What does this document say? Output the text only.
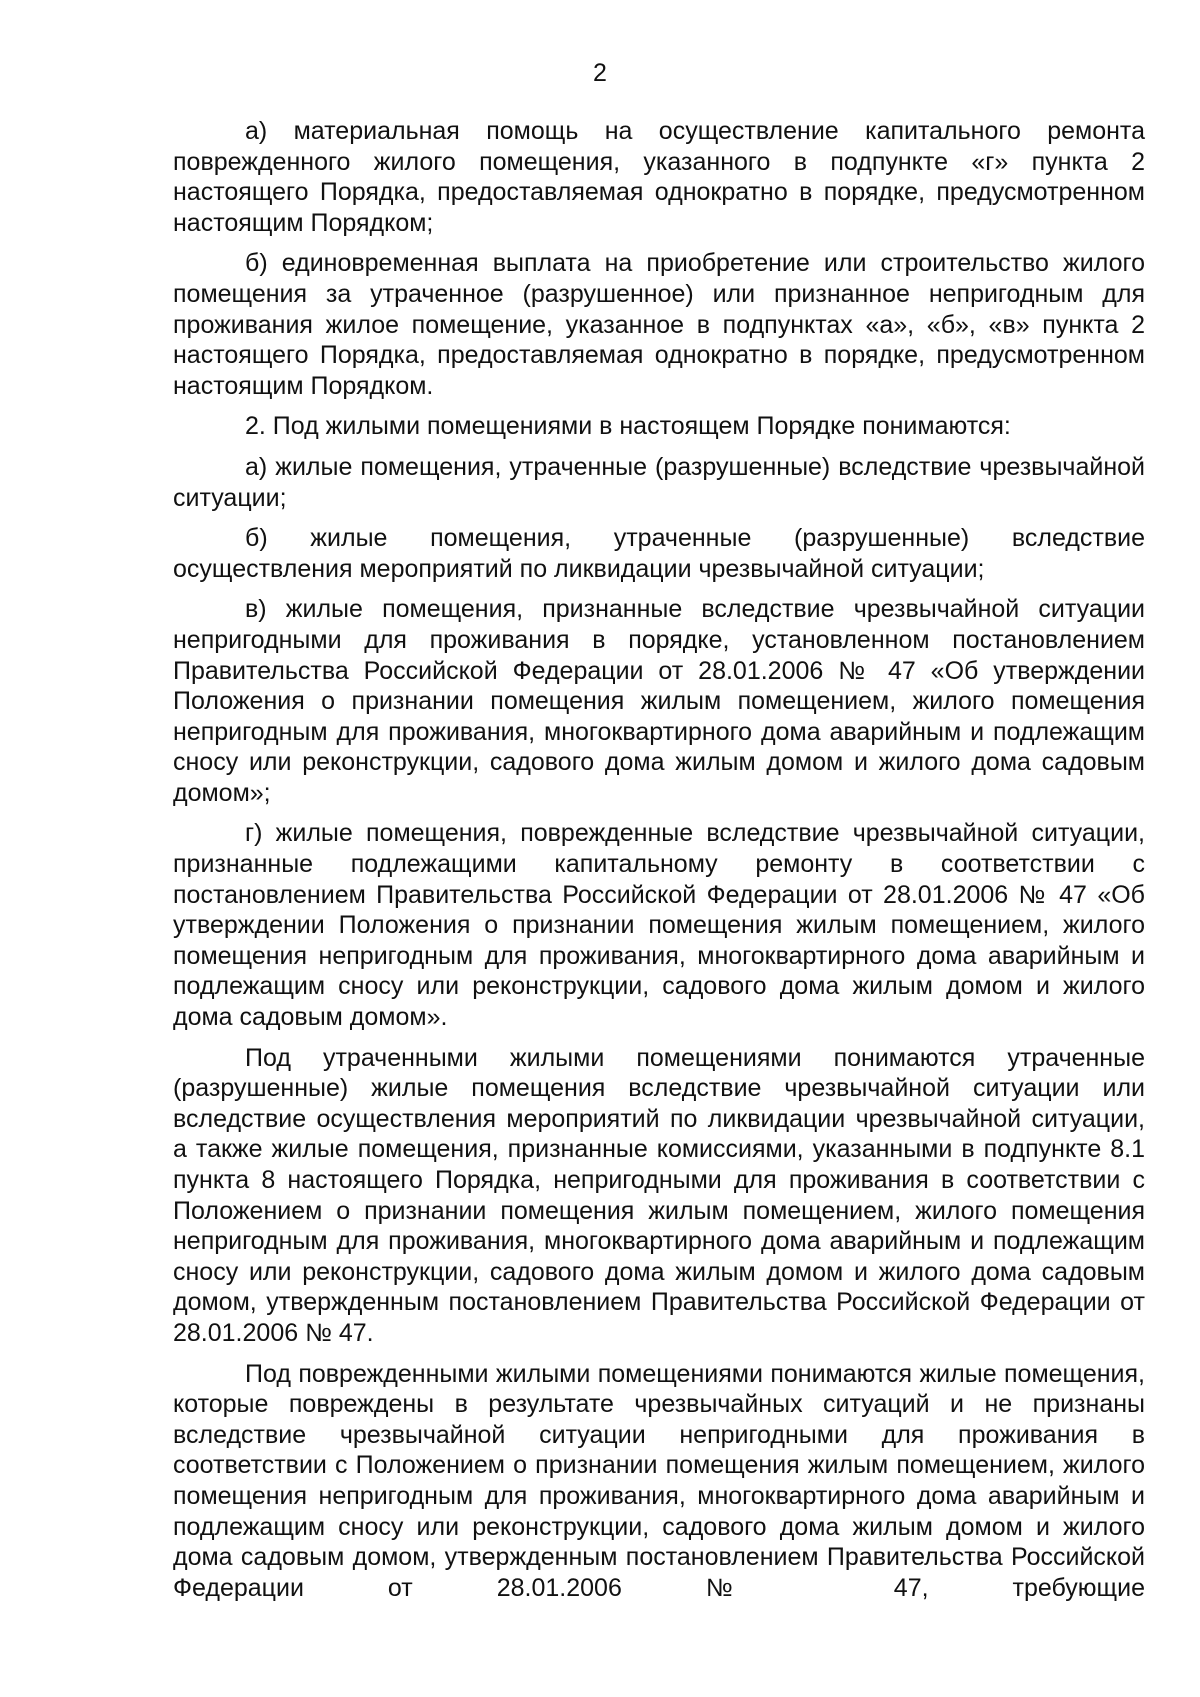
2

а) материальная помощь на осуществление капитального ремонта поврежденного жилого помещения, указанного в подпункте «г» пункта 2 настоящего Порядка, предоставляемая однократно в порядке, предусмотренном настоящим Порядком;

б) единовременная выплата на приобретение или строительство жилого помещения за утраченное (разрушенное) или признанное непригодным для проживания жилое помещение, указанное в подпунктах «а», «б», «в» пункта 2 настоящего Порядка, предоставляемая однократно в порядке, предусмотренном настоящим Порядком.

2. Под жилыми помещениями в настоящем Порядке понимаются:

а) жилые помещения, утраченные (разрушенные) вследствие чрезвычайной ситуации;

б) жилые помещения, утраченные (разрушенные) вследствие осуществления мероприятий по ликвидации чрезвычайной ситуации;

в) жилые помещения, признанные вследствие чрезвычайной ситуации непригодными для проживания в порядке, установленном постановлением Правительства Российской Федерации от 28.01.2006 № 47 «Об утверждении Положения о признании помещения жилым помещением, жилого помещения непригодным для проживания, многоквартирного дома аварийным и подлежащим сносу или реконструкции, садового дома жилым домом и жилого дома садовым домом»;

г) жилые помещения, поврежденные вследствие чрезвычайной ситуации, признанные подлежащими капитальному ремонту в соответствии с постановлением Правительства Российской Федерации от 28.01.2006 № 47 «Об утверждении Положения о признании помещения жилым помещением, жилого помещения непригодным для проживания, многоквартирного дома аварийным и подлежащим сносу или реконструкции, садового дома жилым домом и жилого дома садовым домом».

Под утраченными жилыми помещениями понимаются утраченные (разрушенные) жилые помещения вследствие чрезвычайной ситуации или вследствие осуществления мероприятий по ликвидации чрезвычайной ситуации, а также жилые помещения, признанные комиссиями, указанными в подпункте 8.1 пункта 8 настоящего Порядка, непригодными для проживания в соответствии с Положением о признании помещения жилым помещением, жилого помещения непригодным для проживания, многоквартирного дома аварийным и подлежащим сносу или реконструкции, садового дома жилым домом и жилого дома садовым домом, утвержденным постановлением Правительства Российской Федерации от 28.01.2006 № 47.

Под поврежденными жилыми помещениями понимаются жилые помещения, которые повреждены в результате чрезвычайных ситуаций и не признаны вследствие чрезвычайной ситуации непригодными для проживания в соответствии с Положением о признании помещения жилым помещением, жилого помещения непригодным для проживания, многоквартирного дома аварийным и подлежащим сносу или реконструкции, садового дома жилым домом и жилого дома садовым домом, утвержденным постановлением Правительства Российской Федерации от 28.01.2006 № 47, требующие
